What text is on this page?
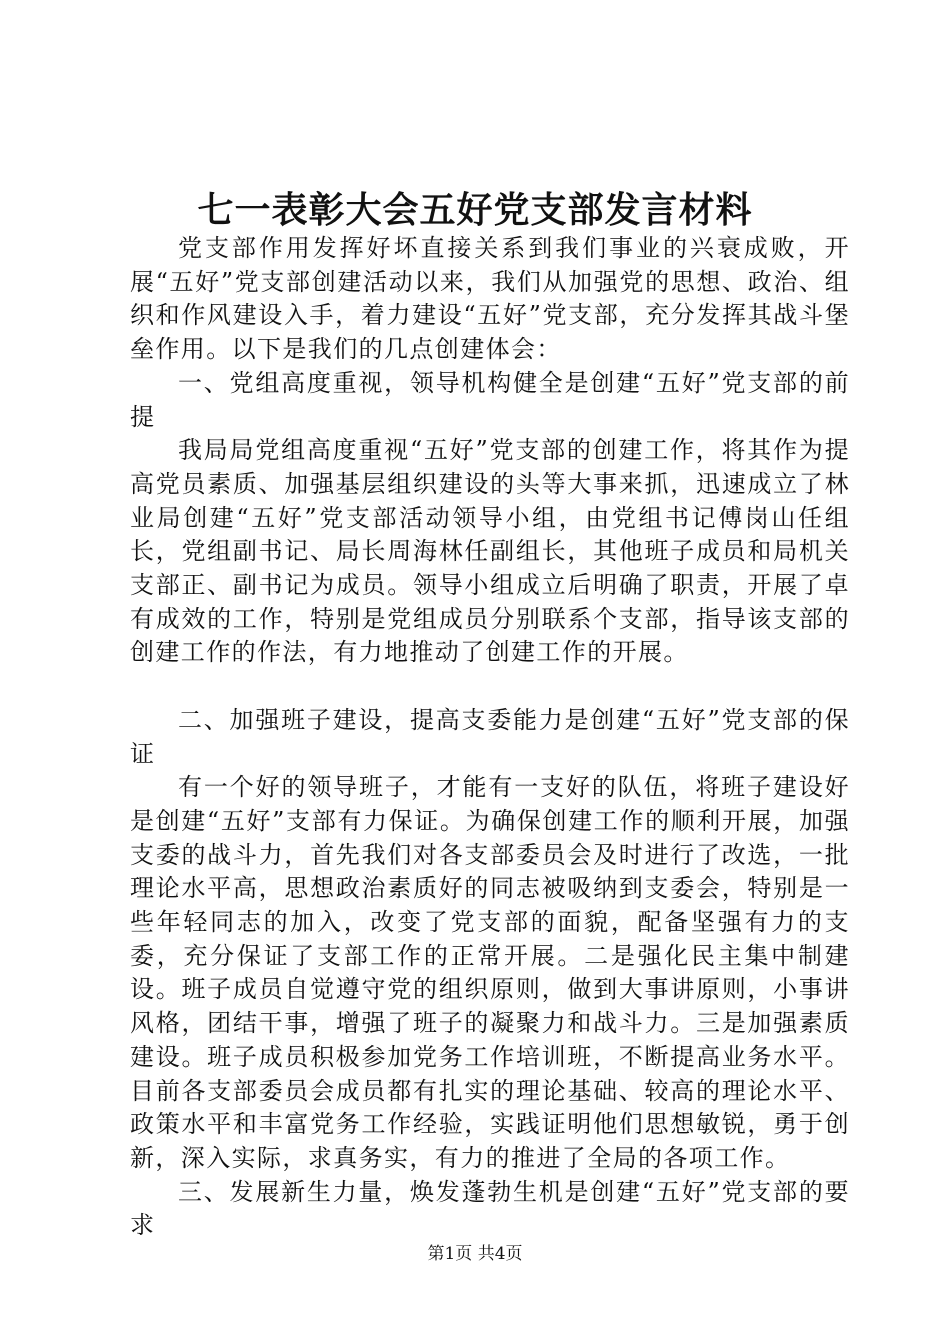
七一表彰大会五好党支部发言材料

党支部作用发挥好坏直接关系到我们事业的兴衰成败，开展“五好”党支部创建活动以来，我们从加强党的思想、政治、组织和作风建设入手，着力建设“五好”党支部，充分发挥其战斗堡垒作用。以下是我们的几点创建体会：

一、党组高度重视，领导机构健全是创建“五好”党支部的前提

我局局党组高度重视“五好”党支部的创建工作，将其作为提高党员素质、加强基层组织建设的头等大事来抓，迅速成立了林业局创建“五好”党支部活动领导小组，由党组书记傅岗山任组长，党组副书记、局长周海林任副组长，其他班子成员和局机关支部正、副书记为成员。领导小组成立后明确了职责，开展了卓有成效的工作，特别是党组成员分别联系个支部，指导该支部的创建工作的作法，有力地推动了创建工作的开展。

二、加强班子建设，提高支委能力是创建“五好”党支部的保证

有一个好的领导班子，才能有一支好的队伍，将班子建设好是创建“五好”支部有力保证。为确保创建工作的顺利开展，加强支委的战斗力，首先我们对各支部委员会及时进行了改选，一批理论水平高，思想政治素质好的同志被吸纳到支委会，特别是一些年轻同志的加入，改变了党支部的面貌，配备坚强有力的支委，充分保证了支部工作的正常开展。二是强化民主集中制建设。班子成员自觉遵守党的组织原则，做到大事讲原则，小事讲风格，团结干事，增强了班子的凝聚力和战斗力。三是加强素质建设。班子成员积极参加党务工作培训班，不断提高业务水平。目前各支部委员会成员都有扎实的理论基础、较高的理论水平、政策水平和丰富党务工作经验，实践证明他们思想敏锐，勇于创新，深入实际，求真务实，有力的推进了全局的各项工作。

三、发展新生力量，焕发蓬勃生机是创建“五好”党支部的要求

第1页 共4页
